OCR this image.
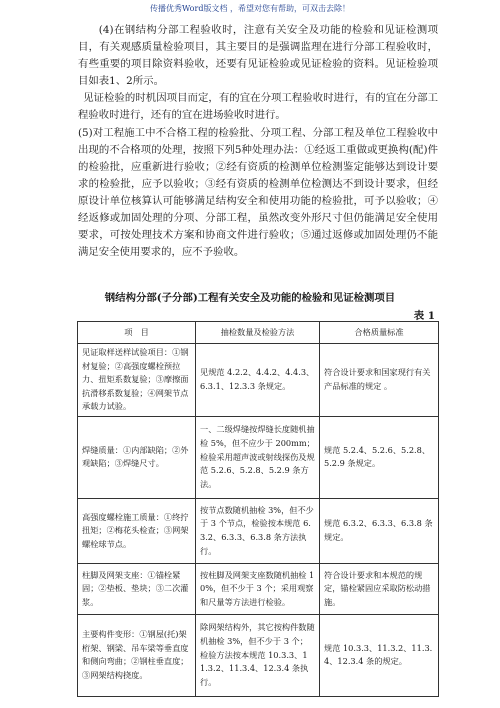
传播优秀Word版文档 ，希望对您有帮助，可双击去除！

(4)在钢结构分部工程验收时，注意有关安全及功能的检验和见证检测项目，有关观感质量检验项目，其主要目的是强调监理在进行分部工程验收时，有些重要的项目除资料验收，还要有见证检验或见证检验的资料。见证检验项目如表1、2所示。

见证检验的时机因项目而定，有的宜在分项工程验收时进行，有的宜在分部工程验收时进行，还有的宜在进场验收时进行。

(5)对工程施工中不合格工程的检验批、分项工程、分部工程及单位工程验收中出现的不合格项的处理，按照下列5种处理办法：①经返工重做或更换构(配)件的检验批，应重新进行验收；②经有资质的检测单位检测鉴定能够达到设计要求的检验批，应予以验收；③经有资质的检测单位检测达不到设计要求，但经原设计单位核算认可能够满足结构安全和使用功能的检验批，可予以验收；④经返修或加固处理的分项、分部工程，虽然改变外形尺寸但仍能满足安全使用要求，可按处理技术方案和协商文件进行验收；⑤通过返修或加固处理仍不能满足安全使用要求的，应不予验收。

钢结构分部(子分部)工程有关安全及功能的检验和见证检测项目
表 1
项　目	抽检数量及检验方法	合格质量标准
见证取样送样试验项目：①钢材复验；②高强度螺栓预拉力、扭矩系数复验；③摩擦面抗滑移系数复验；④网架节点承载力试验。	见规范 4.2.2、4.4.2、4.4.3、6.3.1、12.3.3 条规定。	符合设计要求和国家现行有关产品标准的规定 。
焊缝质量：①内部缺陷；②外观缺陷；③焊缝尺寸。	一、二级焊缝按焊缝长度随机抽检 5%，但不应少于 200mm；检验采用超声波或射线探伤及规范 5.2.6、5.2.8、5.2.9 条方法。	规范 5.2.4、5.2.6、5.2.8、5.2.9 条规定。
高强度螺栓施工质量：①终拧扭矩；②梅花头检查；③网架螺栓球节点。	按节点数随机抽检 3%，但不少于 3 个节点，检验按本规范 6.3.2、6.3.3、6.3.8 条方法执行。	规范 6.3.2、6.3.3、6.3.8 条规定。
柱脚及网架支座：①锚栓紧固；②垫板、垫块；③二次灌浆。	按柱脚及网架支座数随机抽检 10%，但不少于 3 个；采用观察和尺量等方法进行检验。	符合设计要求和本规范的规定，锚栓紧固应采取防松动措施。
主要构件变形：①钢屋(托)架桁架、钢梁、吊车梁等垂直度和侧向弯曲；②钢柱垂直度；③网架结构挠度。	除网架结构外，其它按构件数随机抽检 3%，但不少于 3 个；检验方法按本规范 10.3.3、11.3.2、11.3.4、12.3.4 条执行。	规范 10.3.3、11.3.2、11.3.4、12.3.4 条的规定。
